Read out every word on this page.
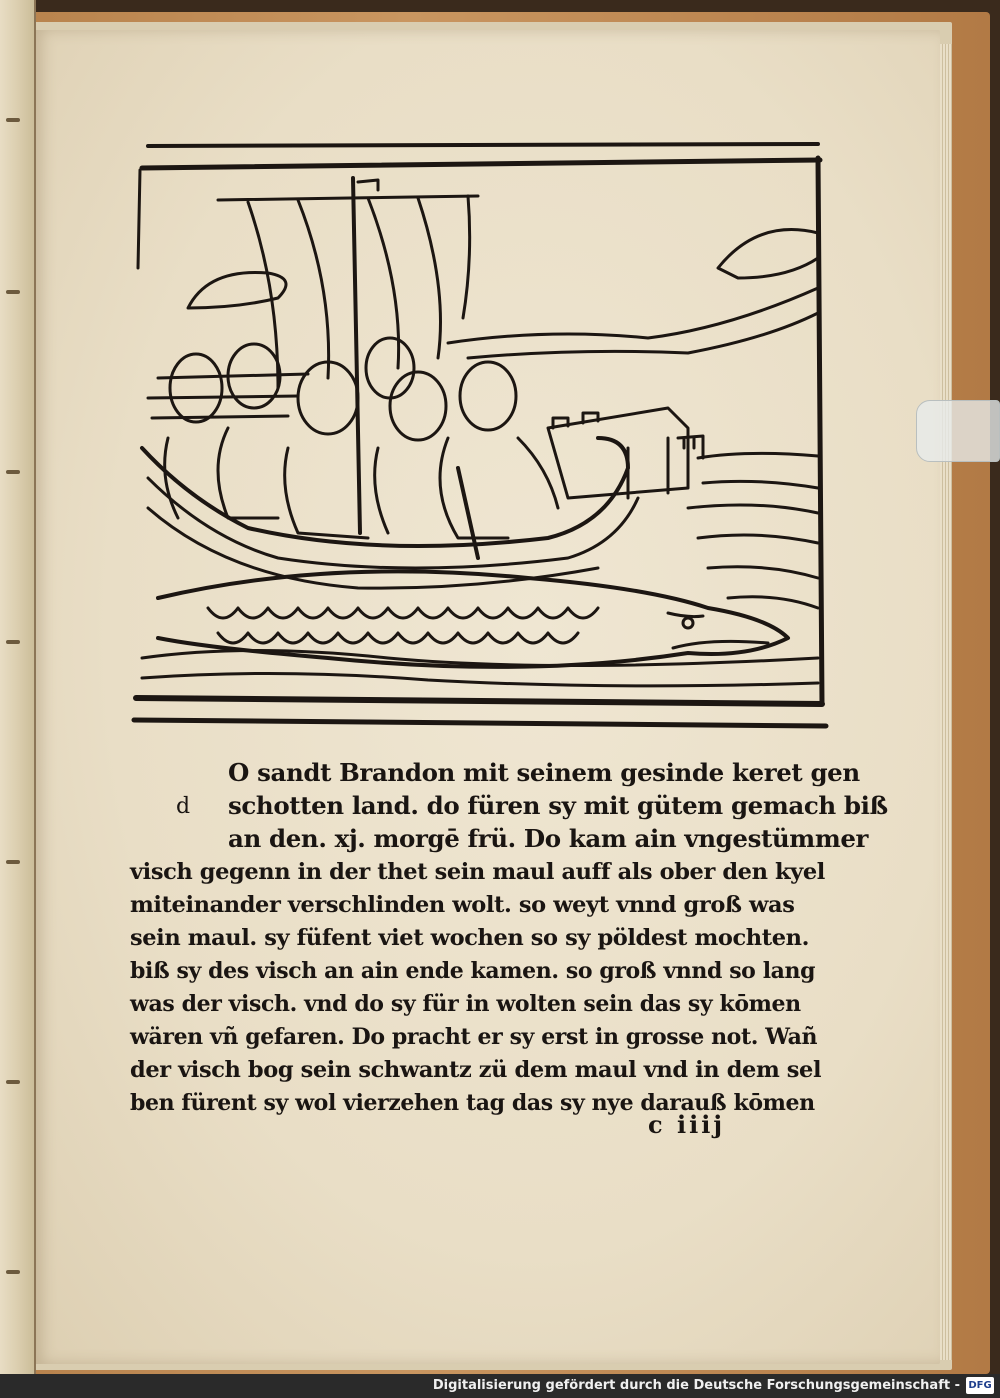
d
O sandt Brandon mit seinem gesinde keret gen
schotten land. do füren sy mit gütem gemach biß
an den. xj. morgē frü. Do kam ain vngestümmer
visch gegenn in der thet sein maul auff als ober den kyel
miteinander verschlinden wolt. so weyt vnnd groß was
sein maul. sy füfent viet wochen so sy pöldest mochten.
biß sy des visch an ain ende kamen. so groß vnnd so lang
was der visch. vnd do sy für in wolten sein das sy kōmen
wären vñ gefaren. Do pracht er sy erst in grosse not. Wañ
der visch bog sein schwantz zü dem maul vnd in dem sel
ben fürent sy wol vierzehen tag das sy nye darauß kōmen
c iiij
Digitalisierung gefördert durch die Deutsche Forschungsgemeinschaft - DFG
